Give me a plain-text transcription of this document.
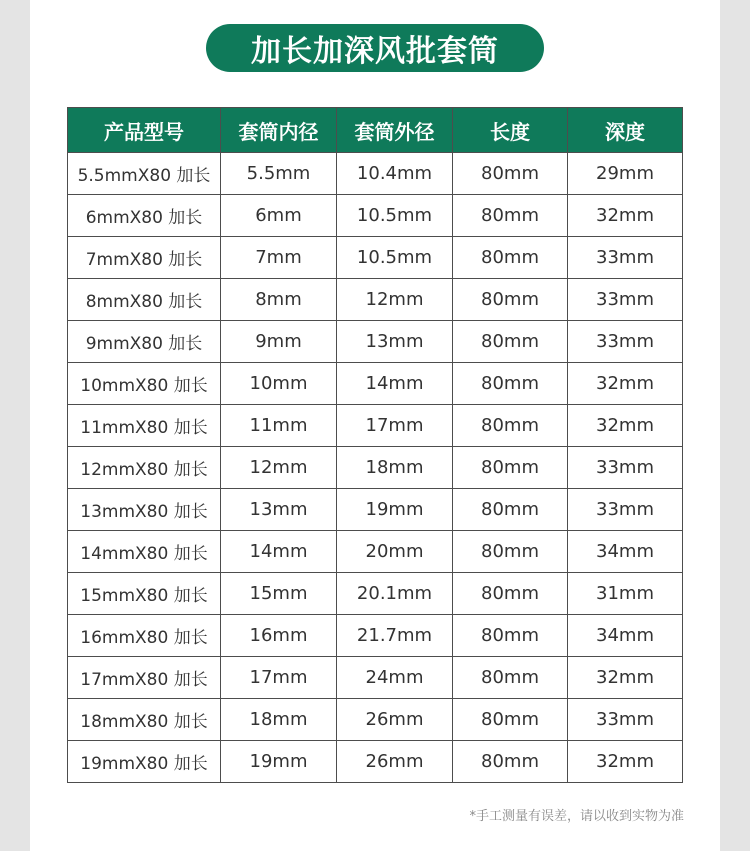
加长加深风批套筒
产品型号	套筒内径	套筒外径	长度	深度
5.5mmX80 加长	5.5mm	10.4mm	80mm	29mm
6mmX80 加长	6mm	10.5mm	80mm	32mm
7mmX80 加长	7mm	10.5mm	80mm	33mm
8mmX80 加长	8mm	12mm	80mm	33mm
9mmX80 加长	9mm	13mm	80mm	33mm
10mmX80 加长	10mm	14mm	80mm	32mm
11mmX80 加长	11mm	17mm	80mm	32mm
12mmX80 加长	12mm	18mm	80mm	33mm
13mmX80 加长	13mm	19mm	80mm	33mm
14mmX80 加长	14mm	20mm	80mm	34mm
15mmX80 加长	15mm	20.1mm	80mm	31mm
16mmX80 加长	16mm	21.7mm	80mm	34mm
17mmX80 加长	17mm	24mm	80mm	32mm
18mmX80 加长	18mm	26mm	80mm	33mm
19mmX80 加长	19mm	26mm	80mm	32mm
*手工测量有误差，请以收到实物为准
